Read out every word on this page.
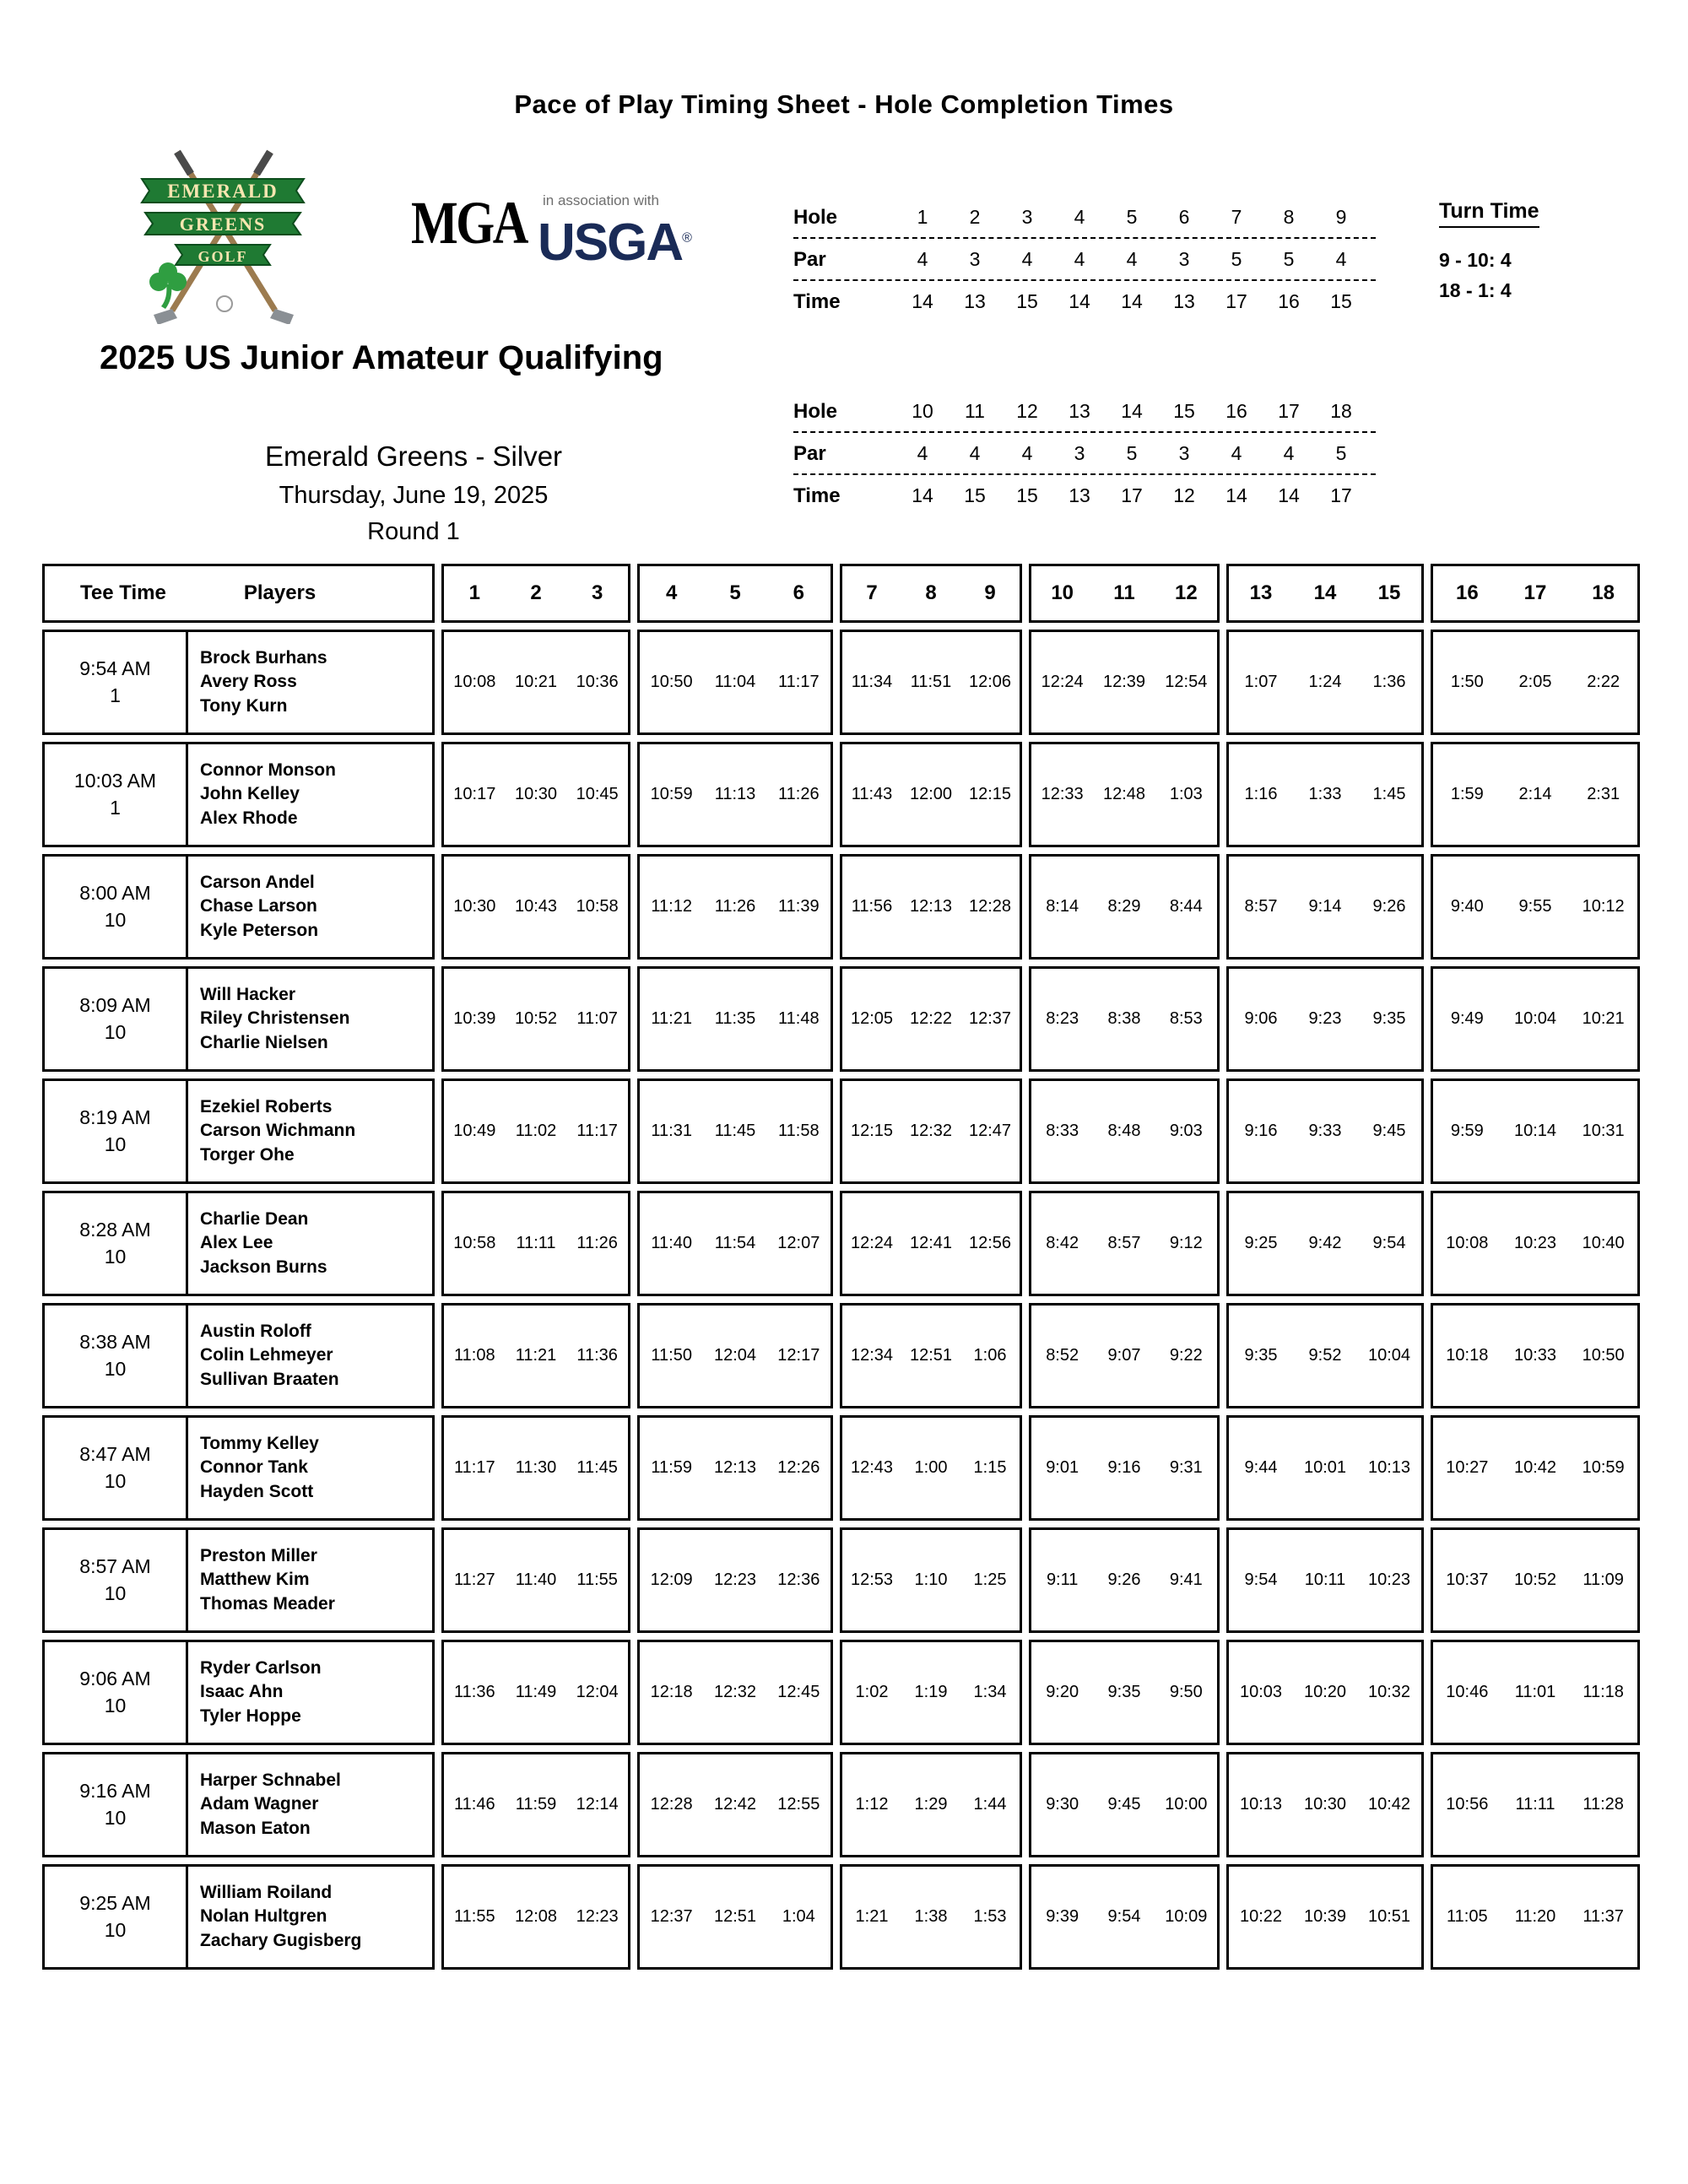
Pace of Play Timing Sheet - Hole Completion Times
EMERALD
GREENS
GOLF	MGA in association with
USGA®
2025 US Junior Amateur Qualifying
Emerald Greens - Silver
Thursday, June 19, 2025
Round 1
Hole	1 2 3 4 5 6 7 8 9
Par	4 3 4 4 4 3 5 5 4
Time	14 13 15 14 14 13 17 16 15
Hole	10 11 12 13 14 15 16 17 18
Par	4 4 4 3 5 3 4 4 5
Time	14 15 15 13 17 12 14 14 17
Turn Time
9 - 10: 4
18 - 1: 4
Tee Time	Players	1 2 3	4	5	6	7 8 9	10 11 12	13 14 15	16 17 18
9:54 AM
1
Brock Burhans
Avery Ross
Tony Kurn
10:08 10:21 10:36 10:50 11:04 11:17 11:34 11:51 12:06 12:24 12:39 12:54 1:07 1:24 1:36	1:50 2:05 2:22
10:03 AM
1
Connor Monson
John Kelley
Alex Rhode
10:17 10:30 10:45 10:59 11:13 11:26 11:43 12:00 12:15 12:33 12:48 1:03 1:16 1:33 1:45	1:59 2:14 2:31
8:00 AM
10
Carson Andel
Chase Larson
Kyle Peterson
10:30 10:43 10:58 11:12 11:26 11:39 11:56 12:13 12:28 8:14 8:29 8:44 8:57 9:14 9:26	9:40 9:55 10:12
8:09 AM
10
Will Hacker
Riley Christensen
Charlie Nielsen
10:39 10:52 11:07 11:21 11:35 11:48 12:05 12:22 12:37 8:23 8:38 8:53 9:06 9:23 9:35	9:49 10:04 10:21
8:19 AM
10
Ezekiel Roberts
Carson Wichmann
Torger Ohe
10:49 11:02 11:17 11:31 11:45 11:58 12:15 12:32 12:47 8:33 8:48 9:03 9:16 9:33 9:45	9:59 10:14 10:31
8:28 AM
10
Charlie Dean
Alex Lee
Jackson Burns
10:58 11:11 11:26 11:40 11:54 12:07 12:24 12:41 12:56 8:42 8:57 9:12 9:25 9:42 9:54 10:08 10:23 10:40
8:38 AM
10
Austin Roloff
Colin Lehmeyer
Sullivan Braaten
11:08 11:21 11:36 11:50 12:04 12:17 12:34 12:51 1:06 8:52 9:07 9:22 9:35 9:52 10:04 10:18 10:33 10:50
8:47 AM
10
Tommy Kelley
Connor Tank
Hayden Scott
11:17 11:30 11:45 11:59 12:13 12:26 12:43 1:00 1:15 9:01 9:16 9:31 9:44 10:01 10:13 10:27 10:42 10:59
8:57 AM
10
Preston Miller
Matthew Kim
Thomas Meader
11:27 11:40 11:55 12:09 12:23 12:36 12:53 1:10 1:25 9:11 9:26 9:41 9:54 10:11 10:23 10:37 10:52 11:09
9:06 AM
10
Ryder Carlson
Isaac Ahn
Tyler Hoppe
11:36 11:49 12:04 12:18 12:32 12:45 1:02 1:19 1:34 9:20 9:35 9:50 10:03 10:20 10:32 10:46 11:01 11:18
9:16 AM
10
Harper Schnabel
Adam Wagner
Mason Eaton
11:46 11:59 12:14 12:28 12:42 12:55 1:12 1:29 1:44 9:30 9:45 10:00 10:13 10:30 10:42 10:56 11:11 11:28
9:25 AM
10
William Roiland
Nolan Hultgren
Zachary Gugisberg
11:55 12:08 12:23 12:37 12:51 1:04 1:21 1:38 1:53 9:39 9:54 10:09 10:22 10:39 10:51 11:05 11:20 11:37
